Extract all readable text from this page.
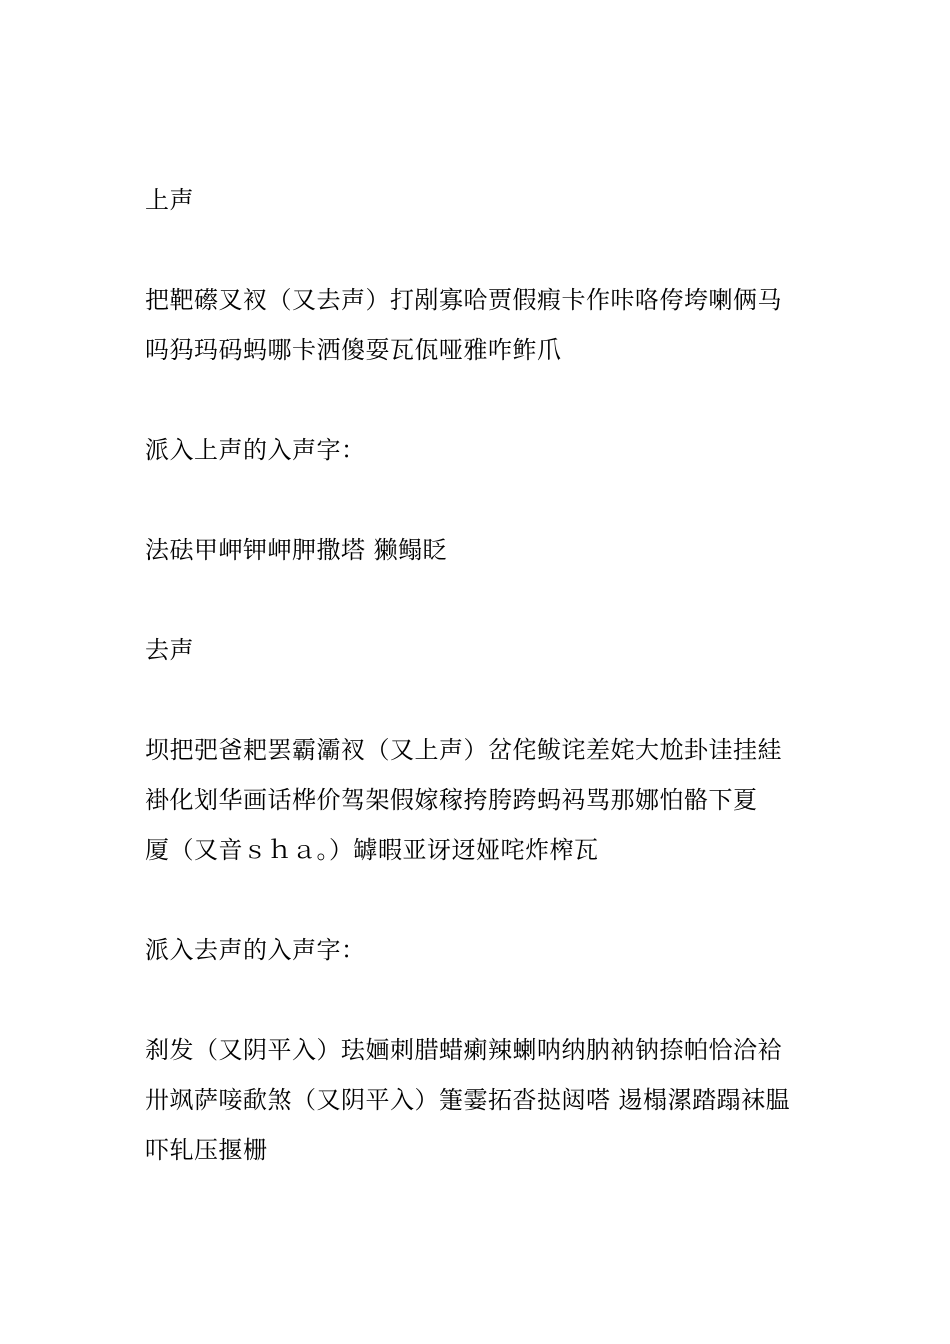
上声
把靶礤叉衩（又去声）打剐寡哈贾假瘕卡作咔咯侉垮喇俩马
吗犸玛码蚂哪卡洒傻耍瓦佤哑雅咋鲊爪
派入上声的入声字：
法砝甲岬钾岬胛撒塔 獭鳎眨
去声
坝把弝爸耙罢霸灞衩（又上声）岔侘鲅诧差姹大尬卦诖挂絓
褂化划华画话桦价驾架假嫁稼挎胯跨蚂祃骂那娜怕骼下夏
厦（又音ｓｈａ。）罅暇亚讶迓娅咤炸榨瓦
派入去声的入声字：
刹发（又阴平入）珐婳刺腊蜡瘌辣蝲呐纳肭衲钠捺帕恰洽袷
卅飒萨唼歃煞（又阴平入）箑霎拓沓挞闼嗒 逷榻漯踏蹋袜腽
吓轧压揠栅
